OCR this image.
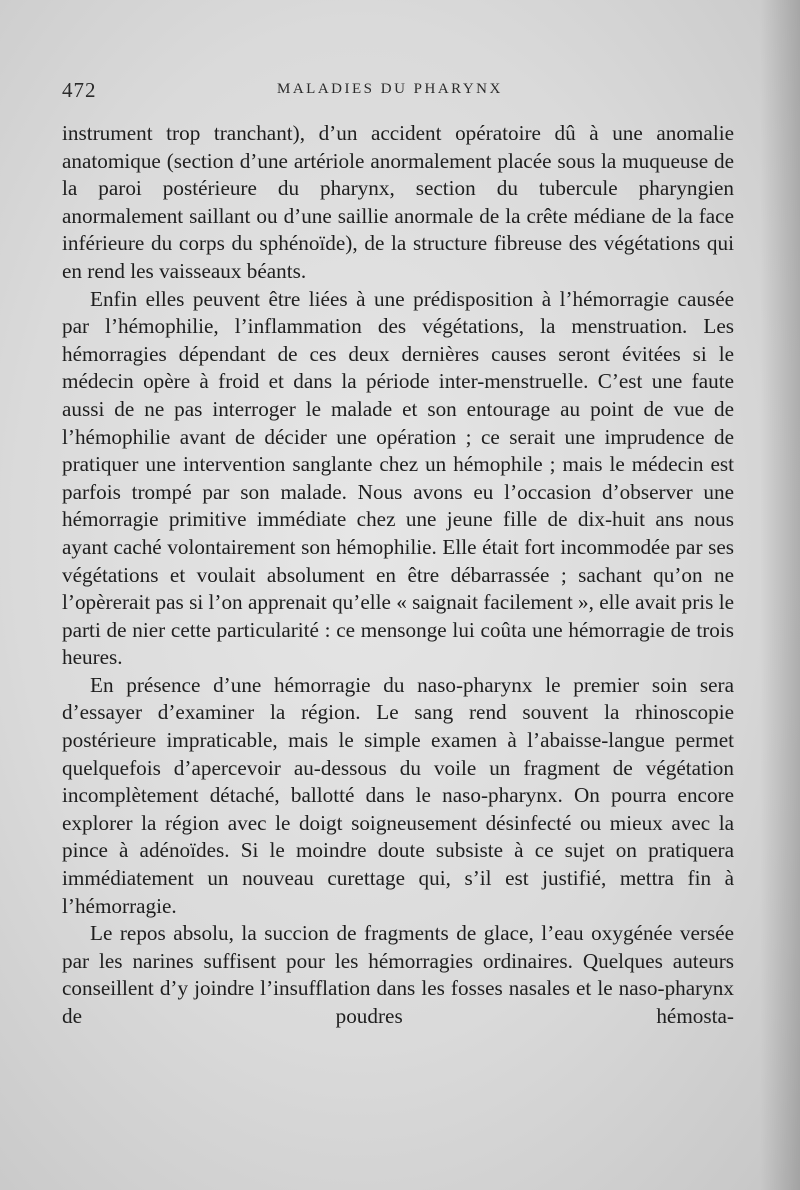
472	MALADIES DU PHARYNX

instrument trop tranchant), d’un accident opératoire dû à une anomalie anatomique (section d’une artériole anormalement placée sous la muqueuse de la paroi postérieure du pharynx, section du tubercule pharyngien anormalement saillant ou d’une saillie anormale de la crête médiane de la face inférieure du corps du sphénoïde), de la structure fibreuse des végétations qui en rend les vaisseaux béants.

Enfin elles peuvent être liées à une prédisposition à l’hémorragie causée par l’hémophilie, l’inflammation des végétations, la menstruation. Les hémorragies dépendant de ces deux dernières causes seront évitées si le médecin opère à froid et dans la période inter-menstruelle. C’est une faute aussi de ne pas interroger le malade et son entourage au point de vue de l’hémophilie avant de décider une opération ; ce serait une imprudence de pratiquer une intervention sanglante chez un hémophile ; mais le médecin est parfois trompé par son malade. Nous avons eu l’occasion d’observer une hémorragie primitive immédiate chez une jeune fille de dix-huit ans nous ayant caché volontairement son hémophilie. Elle était fort incommodée par ses végétations et voulait absolument en être débarrassée ; sachant qu’on ne l’opèrerait pas si l’on apprenait qu’elle « saignait facilement », elle avait pris le parti de nier cette particularité : ce mensonge lui coûta une hémorragie de trois heures.

En présence d’une hémorragie du naso-pharynx le premier soin sera d’essayer d’examiner la région. Le sang rend souvent la rhinoscopie postérieure impraticable, mais le simple examen à l’abaisse-langue permet quelquefois d’apercevoir au-dessous du voile un fragment de végétation incomplètement détaché, ballotté dans le naso-pharynx. On pourra encore explorer la région avec le doigt soigneusement désinfecté ou mieux avec la pince à adénoïdes. Si le moindre doute subsiste à ce sujet on pratiquera immédiatement un nouveau curettage qui, s’il est justifié, mettra fin à l’hémorragie.

Le repos absolu, la succion de fragments de glace, l’eau oxygénée versée par les narines suffisent pour les hémorragies ordinaires. Quelques auteurs conseillent d’y joindre l’insufflation dans les fosses nasales et le naso-pharynx de poudres hémosta-
